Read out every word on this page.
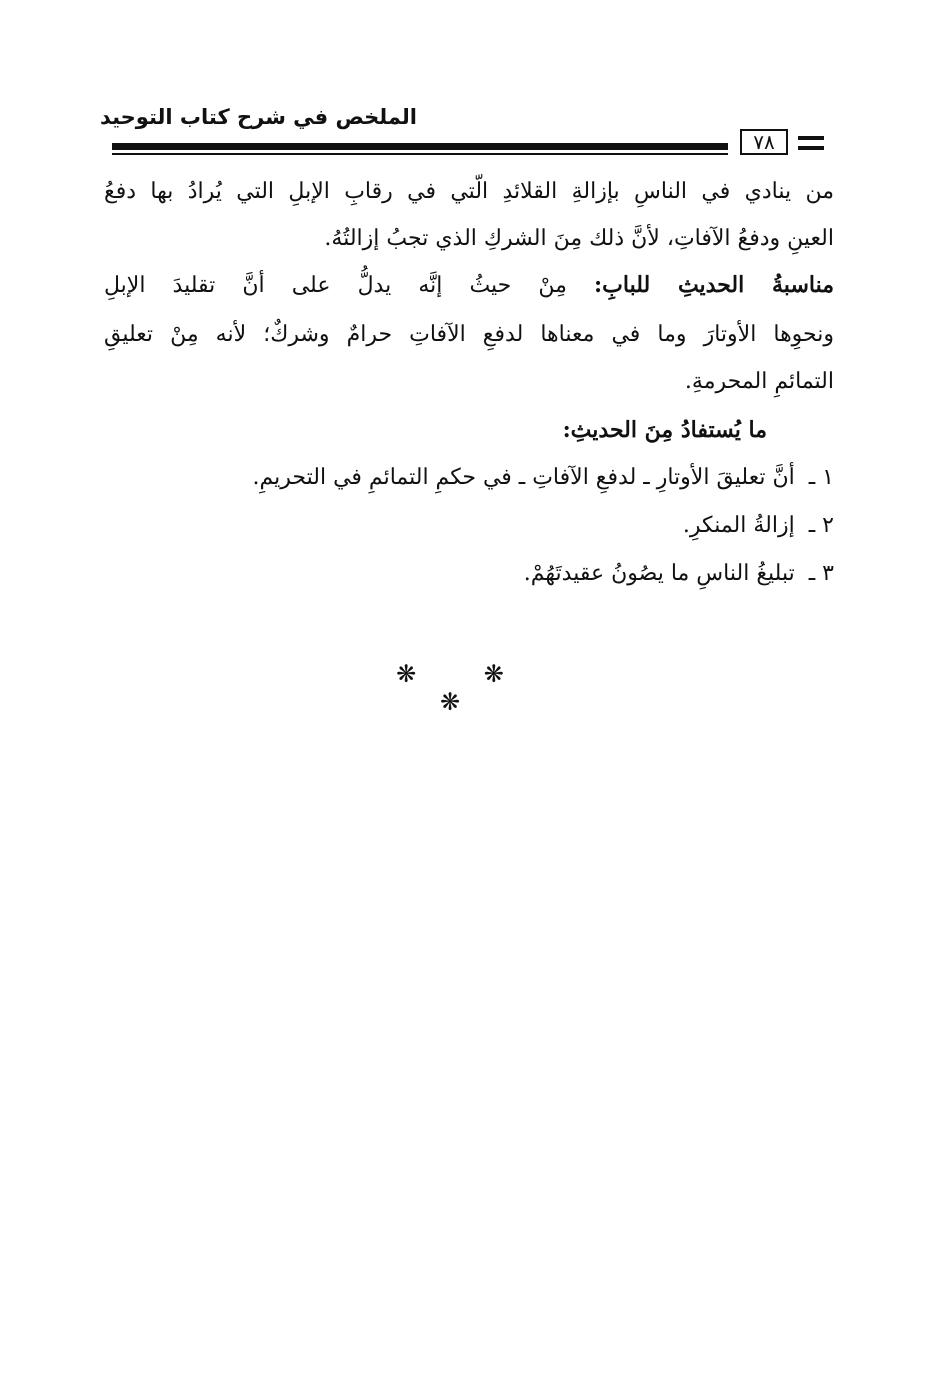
الملخص في شرح كتاب التوحيد
٧٨
من ينادي في الناسِ بإزالةِ القلائدِ الّتي في رقابِ الإبلِ التي يُرادُ بها دفعُ
العينِ ودفعُ الآفاتِ، لأنَّ ذلك مِنَ الشركِ الذي تجبُ إزالتُهُ.
مناسبةُ الحديثِ للبابِ: مِنْ حيثُ إنَّه يدلُّ على أنَّ تقليدَ الإبلِ
ونحوِها الأوتارَ وما في معناها لدفعِ الآفاتِ حرامٌ وشركٌ؛ لأنه مِنْ تعليقِ
التمائمِ المحرمةِ.
ما يُستفادُ مِنَ الحديثِ:
١ ـأنَّ تعليقَ الأوتارِ ـ لدفعِ الآفاتِ ـ في حكمِ التمائمِ في التحريمِ.
٢ ـإزالةُ المنكرِ.
٣ ـتبليغُ الناسِ ما يصُونُ عقيدتَهُمْ.
❋ ❋ ❋
